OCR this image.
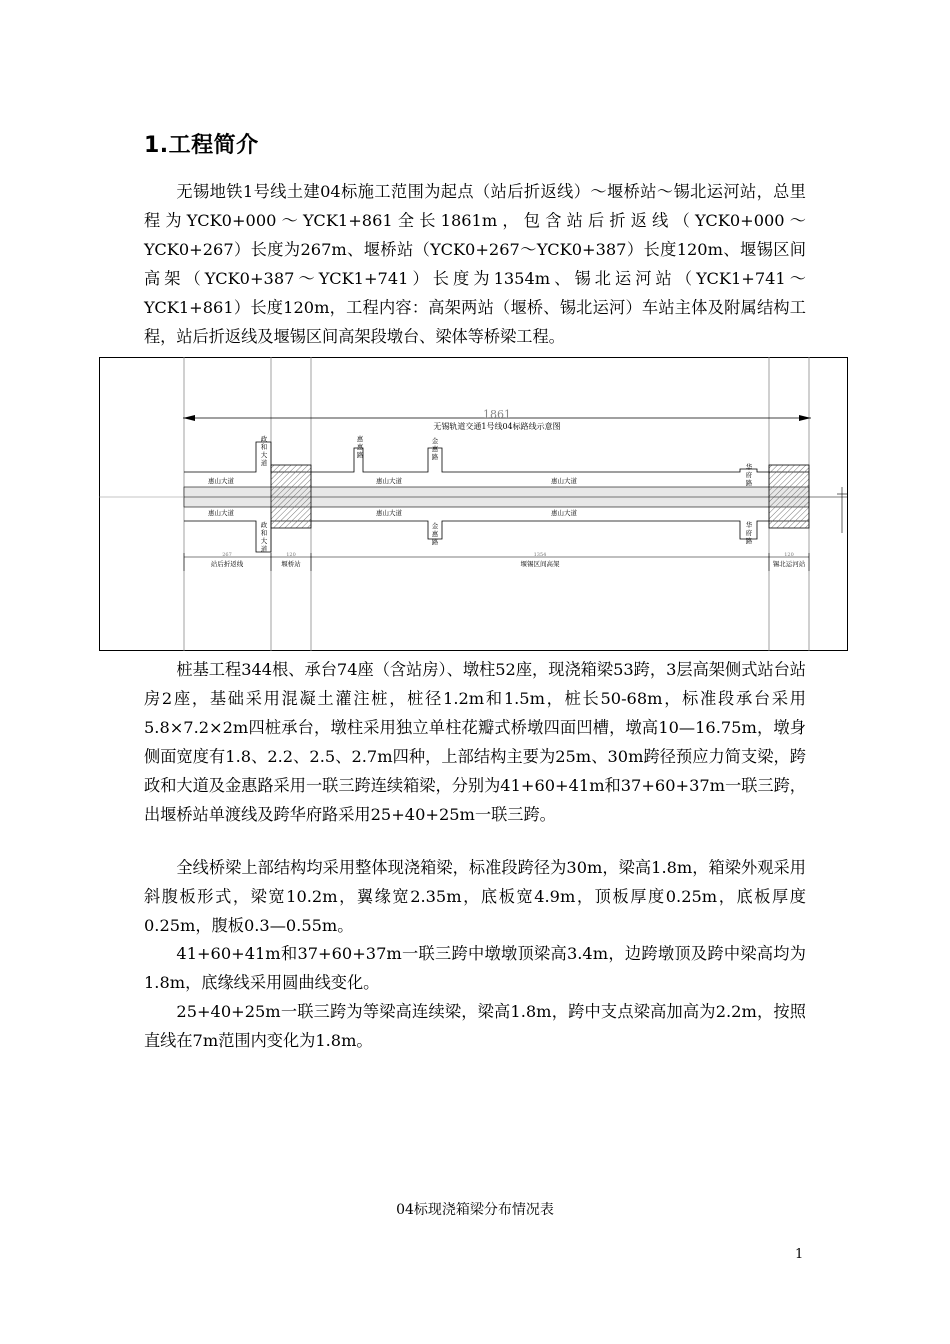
1.工程简介

无锡地铁1号线土建04标施工范围为起点（站后折返线）～堰桥站～锡北运河站，总里程为YCK0+000～YCK1+861全长1861m，包含站后折返线（YCK0+000～YCK0+267）长度为267m、堰桥站（YCK0+267～YCK0+387）长度120m、堰锡区间高架（YCK0+387～YCK1+741）长度为1354m、锡北运河站（YCK1+741～YCK1+861）长度120m，工程内容：高架两站（堰桥、锡北运河）车站主体及附属结构工程，站后折返线及堰锡区间高架段墩台、梁体等桥梁工程。

1861
无锡轨道交通1号线04标路线示意图
政和大道
政和大道
惠惠路
金惠路
金惠路
华府路
华府路
惠山大道	惠山大道	惠山大道
惠山大道	惠山大道	惠山大道
267	120	1354	120
站后折返线	堰桥站	堰锡区间高架	锡北运河站

桩基工程344根、承台74座（含站房）、墩柱52座，现浇箱梁53跨，3层高架侧式站台站房2座，基础采用混凝土灌注桩，桩径1.2m和1.5m，桩长50-68m，标准段承台采用5.8×7.2×2m四桩承台，墩柱采用独立单柱花瓣式桥墩四面凹槽，墩高10—16.75m，墩身侧面宽度有1.8、2.2、2.5、2.7m四种，上部结构主要为25m、30m跨径预应力简支梁，跨政和大道及金惠路采用一联三跨连续箱梁，分别为41+60+41m和37+60+37m一联三跨，出堰桥站单渡线及跨华府路采用25+40+25m一联三跨。

全线桥梁上部结构均采用整体现浇箱梁，标准段跨径为30m，梁高1.8m，箱梁外观采用斜腹板形式，梁宽10.2m，翼缘宽2.35m，底板宽4.9m，顶板厚度0.25m，底板厚度0.25m，腹板0.3—0.55m。

41+60+41m和37+60+37m一联三跨中墩墩顶梁高3.4m，边跨墩顶及跨中梁高均为1.8m，底缘线采用圆曲线变化。

25+40+25m一联三跨为等梁高连续梁，梁高1.8m，跨中支点梁高加高为2.2m，按照直线在7m范围内变化为1.8m。

04标现浇箱梁分布情况表
1
